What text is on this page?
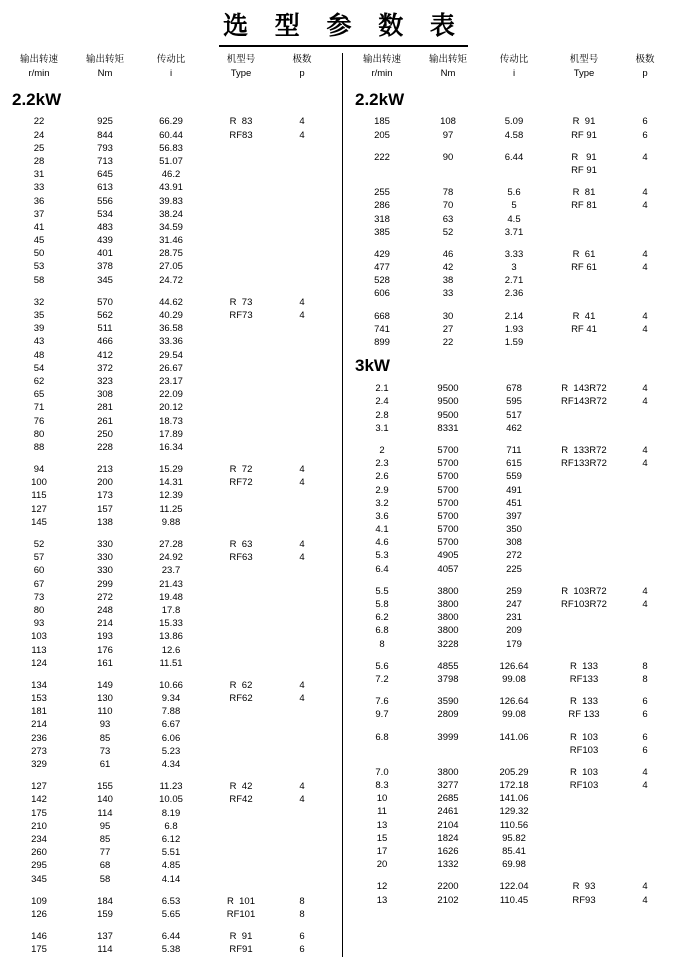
选 型 参 数 表
输出转速
r/min
输出转矩
Nm
传动比
i
机型号
Type
极数
p
2.2kW
22	925	66.29	R  83	4
24	844	60.44	RF83	4
25	793	56.83		
28	713	51.07		
31	645	46.2		
33	613	43.91		
36	556	39.83		
37	534	38.24		
41	483	34.59		
45	439	31.46		
50	401	28.75		
53	378	27.05		
58	345	24.72		

32	570	44.62	R  73	4
35	562	40.29	RF73	4
39	511	36.58		
43	466	33.36		
48	412	29.54		
54	372	26.67		
62	323	23.17		
65	308	22.09		
71	281	20.12		
76	261	18.73		
80	250	17.89		
88	228	16.34		

94	213	15.29	R  72	4
100	200	14.31	RF72	4
115	173	12.39		
127	157	11.25		
145	138	9.88		

52	330	27.28	R  63	4
57	330	24.92	RF63	4
60	330	23.7		
67	299	21.43		
73	272	19.48		
80	248	17.8		
93	214	15.33		
103	193	13.86		
113	176	12.6		
124	161	11.51		

134	149	10.66	R  62	4
153	130	9.34	RF62	4
181	110	7.88		
214	93	6.67		
236	85	6.06		
273	73	5.23		
329	61	4.34		

127	155	11.23	R  42	4
142	140	10.05	RF42	4
175	114	8.19		
210	95	6.8		
234	85	6.12		
260	77	5.51		
295	68	4.85		
345	58	4.14		

109	184	6.53	R  101	8
126	159	5.65	RF101	8

146	137	6.44	R  91	6
175	114	5.38	RF91	6
输出转速
r/min
输出转矩
Nm
传动比
i
机型号
Type
极数
p
2.2kW
185	108	5.09	R  91	6
205	97	4.58	RF 91	6

222	90	6.44	R   91	4
			RF 91	

255	78	5.6	R  81	4
286	70	5	RF 81	4
318	63	4.5		
385	52	3.71		

429	46	3.33	R  61	4
477	42	3	RF 61	4
528	38	2.71		
606	33	2.36		

668	30	2.14	R  41	4
741	27	1.93	RF 41	4
899	22	1.59		
3kW
2.1	9500	678	R  143R72	4
2.4	9500	595	RF143R72	4
2.8	9500	517		
3.1	8331	462		

2	5700	711	R  133R72	4
2.3	5700	615	RF133R72	4
2.6	5700	559		
2.9	5700	491		
3.2	5700	451		
3.6	5700	397		
4.1	5700	350		
4.6	5700	308		
5.3	4905	272		
6.4	4057	225		

5.5	3800	259	R  103R72	4
5.8	3800	247	RF103R72	4
6.2	3800	231		
6.8	3800	209		
8	3228	179		

5.6	4855	126.64	R  133	8
7.2	3798	99.08	RF133	8

7.6	3590	126.64	R  133	6
9.7	2809	99.08	RF 133	6

6.8	3999	141.06	R  103	6
			RF103	6

7.0	3800	205.29	R  103	4
8.3	3277	172.18	RF103	4
10	2685	141.06		
11	2461	129.32		
13	2104	110.56		
15	1824	95.82		
17	1626	85.41		
20	1332	69.98		

12	2200	122.04	R  93	4
13	2102	110.45	RF93	4
